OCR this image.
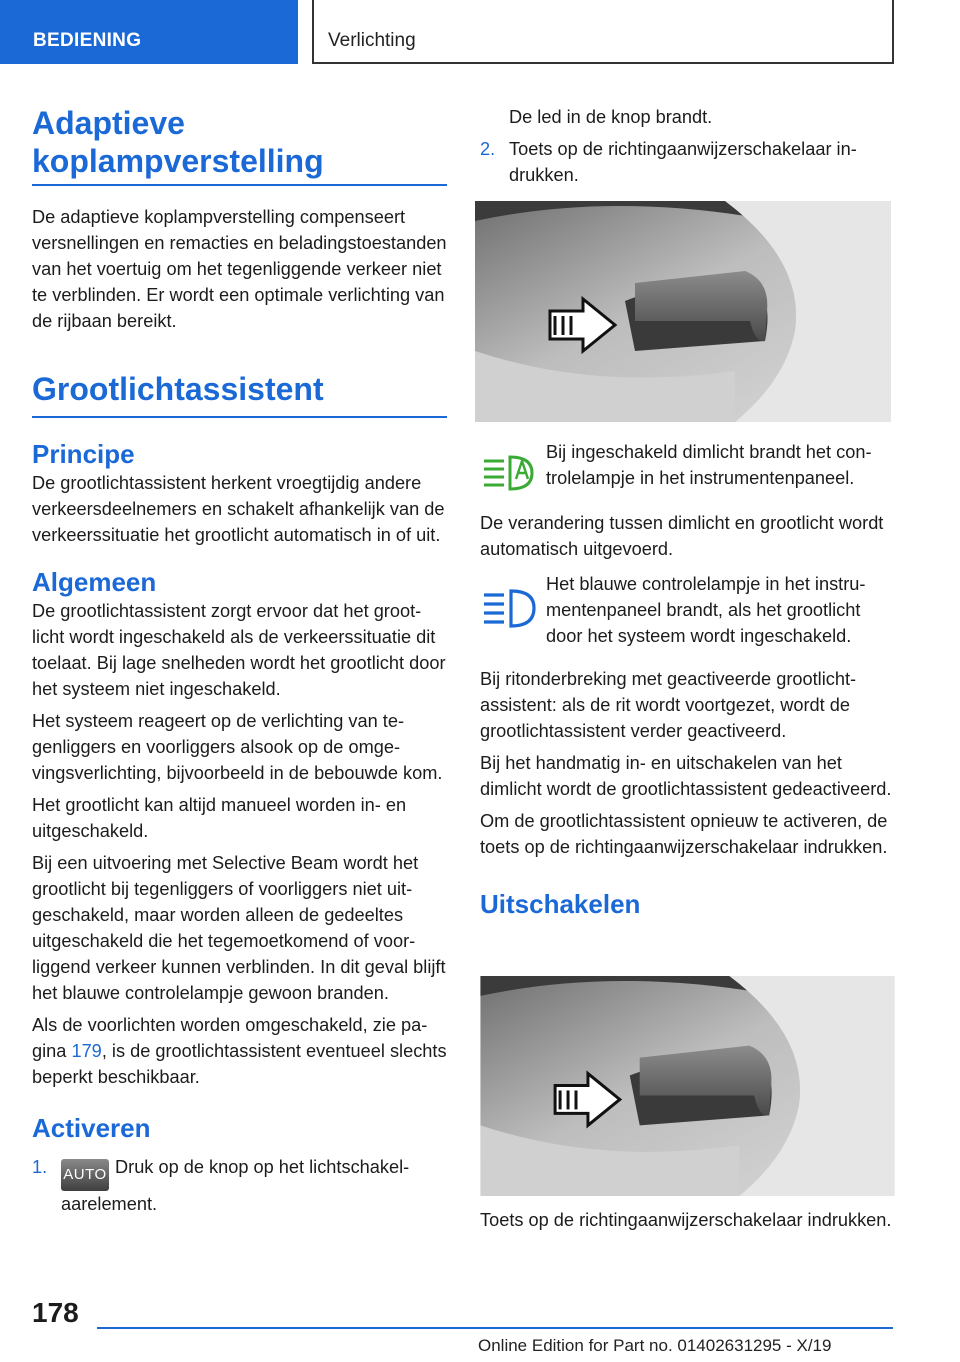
BEDIENING	Verlichting
Adaptieve
koplampverstelling

De adaptieve koplampverstelling compenseert versnellingen en remacties en beladingstoestanden van het voertuig om het tegenliggende verkeer niet te verblinden. Er wordt een optimale verlichting van de rijbaan bereikt.

Grootlichtassistent
Principe

De grootlichtassistent herkent vroegtijdig andere verkeersdeelnemers en schakelt afhankelijk van de verkeerssituatie het grootlicht automatisch in of uit.

Algemeen

De grootlichtassistent zorgt ervoor dat het grootlicht wordt ingeschakeld als de verkeerssituatie dit toelaat. Bij lage snelheden wordt het grootlicht door het systeem niet ingeschakeld.

Het systeem reageert op de verlichting van tegenliggers en voorliggers alsook op de omgevingsverlichting, bijvoorbeeld in de bebouwde kom.

Het grootlicht kan altijd manueel worden in- en uitgeschakeld.

Bij een uitvoering met Selective Beam wordt het grootlicht bij tegenliggers of voorliggers niet uitgeschakeld, maar worden alleen de gedeeltes uitgeschakeld die het tegemoetkomend of voorliggend verkeer kunnen verblinden. In dit geval blijft het blauwe controlelampje gewoon branden.

Als de voorlichten worden omgeschakeld, zie pagina 179, is de grootlichtassistent eventueel slechts beperkt beschikbaar.

Activeren
1. AUTO Druk op de knop op het lichtschakelaarelement.

De led in de knop brandt.

2. Toets op de richtingaanwijzerschakelaar indrukken.

Bij ingeschakeld dimlicht brandt het controlelampje in het instrumentenpaneel.

De verandering tussen dimlicht en grootlicht wordt automatisch uitgevoerd.

Het blauwe controlelampje in het instrumentenpaneel brandt, als het grootlicht door het systeem wordt ingeschakeld.

Bij ritonderbreking met geactiveerde grootlichtassistent: als de rit wordt voortgezet, wordt de grootlichtassistent verder geactiveerd.

Bij het handmatig in- en uitschakelen van het dimlicht wordt de grootlichtassistent gedeactiveerd.

Om de grootlichtassistent opnieuw te activeren, de toets op de richtingaanwijzerschakelaar indrukken.

Uitschakelen

Toets op de richtingaanwijzerschakelaar indrukken.

178
Online Edition for Part no. 01402631295 - X/19
